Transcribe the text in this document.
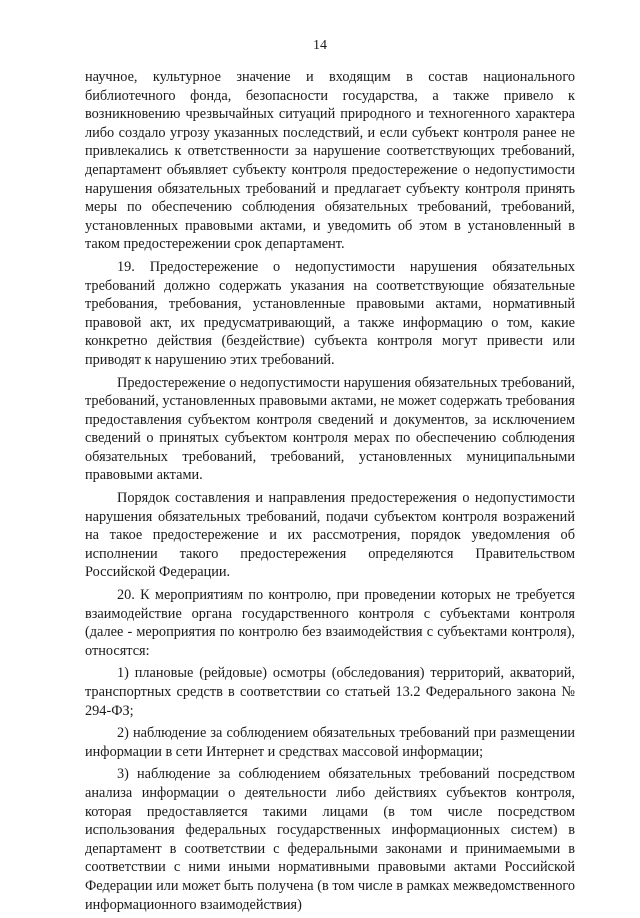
14

научное, культурное значение и входящим в состав национального библиотечного фонда, безопасности государства, а также привело к возникновению чрезвычайных ситуаций природного и техногенного характера либо создало угрозу указанных последствий, и если субъект контроля ранее не привлекались к ответственности за нарушение соответствующих требований, департамент объявляет субъекту контроля предостережение о недопустимости нарушения обязательных требований и предлагает субъекту контроля принять меры по обеспечению соблюдения обязательных требований, требований, установленных правовыми актами, и уведомить об этом в установленный в таком предостережении срок департамент.

19. Предостережение о недопустимости нарушения обязательных требований должно содержать указания на соответствующие обязательные требования, требования, установленные правовыми актами, нормативный правовой акт, их предусматривающий, а также информацию о том, какие конкретно действия (бездействие) субъекта контроля могут привести или приводят к нарушению этих требований.

Предостережение о недопустимости нарушения обязательных требований, требований, установленных правовыми актами, не может содержать требования предоставления субъектом контроля сведений и документов, за исключением сведений о принятых субъектом контроля мерах по обеспечению соблюдения обязательных требований, требований, установленных муниципальными правовыми актами.

Порядок составления и направления предостережения о недопустимости нарушения обязательных требований, подачи субъектом контроля возражений на такое предостережение и их рассмотрения, порядок уведомления об исполнении такого предостережения определяются Правительством Российской Федерации.

20. К мероприятиям по контролю, при проведении которых не требуется взаимодействие органа государственного контроля с субъектами контроля (далее - мероприятия по контролю без взаимодействия с субъектами контроля), относятся:

1) плановые (рейдовые) осмотры (обследования) территорий, акваторий, транспортных средств в соответствии со статьей 13.2 Федерального закона № 294-ФЗ;

2) наблюдение за соблюдением обязательных требований при размещении информации в сети Интернет и средствах массовой информации;

3) наблюдение за соблюдением обязательных требований посредством анализа информации о деятельности либо действиях субъектов контроля, которая предоставляется такими лицами (в том числе посредством использования федеральных государственных информационных систем) в департамент в соответствии с федеральными законами и принимаемыми в соответствии с ними иными нормативными правовыми актами Российской Федерации или может быть получена (в том числе в рамках межведомственного информационного взаимодействия)
